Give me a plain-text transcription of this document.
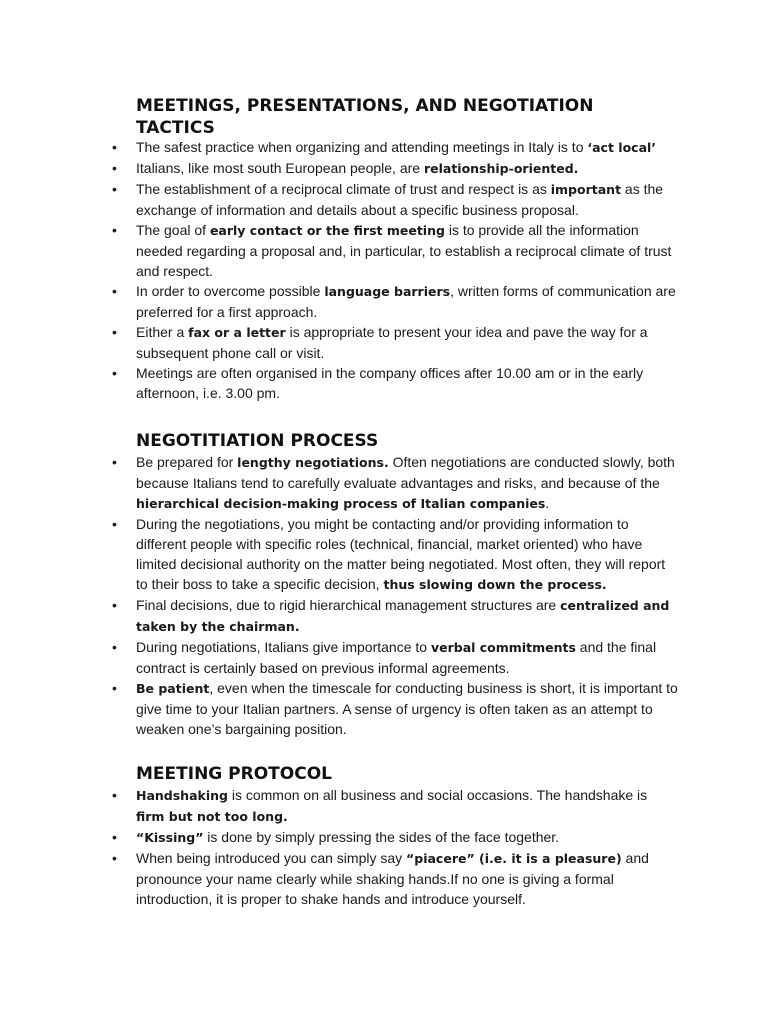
MEETINGS, PRESENTATIONS, AND NEGOTIATION TACTICS
• The safest practice when organizing and attending meetings in Italy is to ‘act local’
• Italians, like most south European people, are relationship-oriented.
• The establishment of a reciprocal climate of trust and respect is as important as the exchange of information and details about a specific business proposal.
• The goal of early contact or the first meeting is to provide all the information needed regarding a proposal and, in particular, to establish a reciprocal climate of trust and respect.
• In order to overcome possible language barriers, written forms of communication are preferred for a first approach.
• Either a fax or a letter is appropriate to present your idea and pave the way for a subsequent phone call or visit.
• Meetings are often organised in the company offices after 10.00 am or in the early afternoon, i.e. 3.00 pm.
NEGOTITIATION PROCESS
• Be prepared for lengthy negotiations. Often negotiations are conducted slowly, both because Italians tend to carefully evaluate advantages and risks, and because of the hierarchical decision-making process of Italian companies.
• During the negotiations, you might be contacting and/or providing information to different people with specific roles (technical, financial, market oriented) who have limited decisional authority on the matter being negotiated. Most often, they will report to their boss to take a specific decision, thus slowing down the process.
• Final decisions, due to rigid hierarchical management structures are centralized and taken by the chairman.
• During negotiations, Italians give importance to verbal commitments and the final contract is certainly based on previous informal agreements.
• Be patient, even when the timescale for conducting business is short, it is important to give time to your Italian partners. A sense of urgency is often taken as an attempt to weaken one’s bargaining position.
MEETING PROTOCOL
• Handshaking is common on all business and social occasions. The handshake is firm but not too long.
• “Kissing” is done by simply pressing the sides of the face together.
• When being introduced you can simply say “piacere” (i.e. it is a pleasure) and pronounce your name clearly while shaking hands.If no one is giving a formal introduction, it is proper to shake hands and introduce yourself.
